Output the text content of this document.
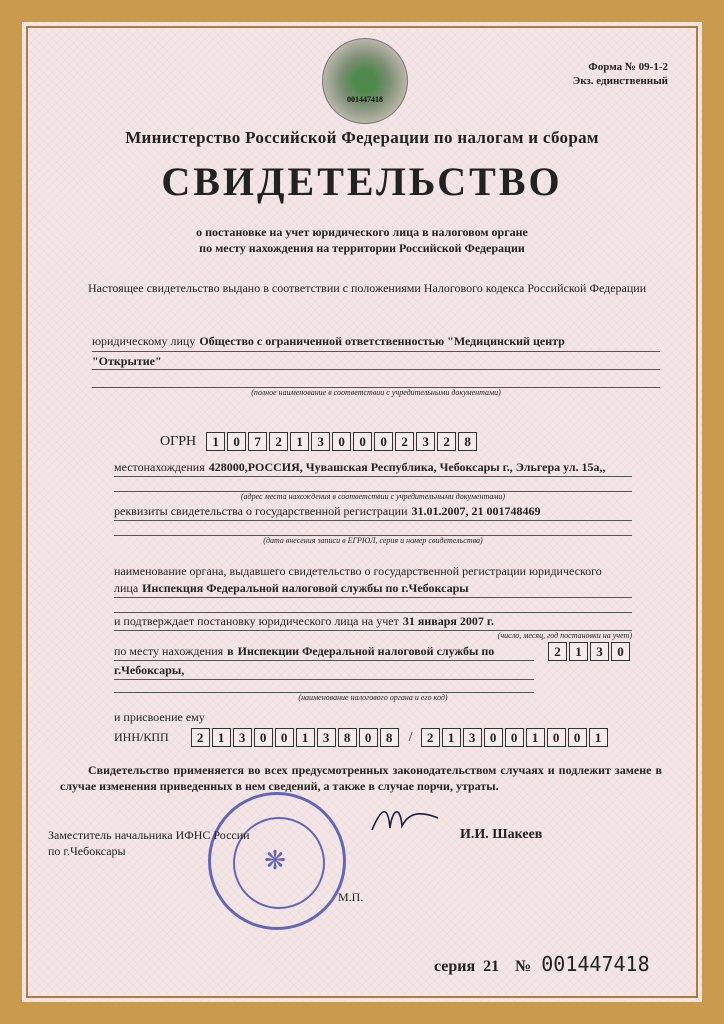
Форма № 09-1-2
Экз. единственный
001447418
Министерство Российской Федерации по налогам и сборам
СВИДЕТЕЛЬСТВО
о постановке на учет юридического лица в налоговом органе
по месту нахождения на территории Российской Федерации
Настоящее свидетельство выдано в соответствии с положениями Налогового кодекса Российской Федерации
юридическому лицу Общество с ограниченной ответственностью "Медицинский центр
"Открытие"
(полное наименование в соответствии с учредительными документами)
ОГРН	1	0	7	2	1	3	0	0	0	2	3	2	8
местонахождения 428000,РОССИЯ, Чувашская Республика, Чебоксары г., Эльгера ул. 15а,,
(адрес места нахождения в соответствии с учредительными документами)
реквизиты свидетельства о государственной регистрации 31.01.2007, 21 001748469
(дата внесения записи в ЕГРЮЛ, серия и номер свидетельства)
наименование органа, выдавшего свидетельство о государственной регистрации юридического
лица Инспекция Федеральной налоговой службы по г.Чебоксары
и подтверждает постановку юридического лица на учет 31 января 2007 г.
(число, месяц, год постановки на учет)
по месту нахождения в Инспекции Федеральной налоговой службы по
г.Чебоксары,
2	1	3	0
(наименование налогового органа и его код)
и присвоение ему
ИНН/КПП	2	1	3	0	0	1	3	8	0	8	/	2	1	3	0	0	1	0	0	1
Свидетельство применяется во всех предусмотренных законодательством случаях и подлежит замене в случае изменения приведенных в нем сведений, а также в случае порчи, утраты.
❋
Заместитель начальника ИФНС России
по г.Чебоксары
И.И. Шакеев
М.П.
серия 21 № 001447418
